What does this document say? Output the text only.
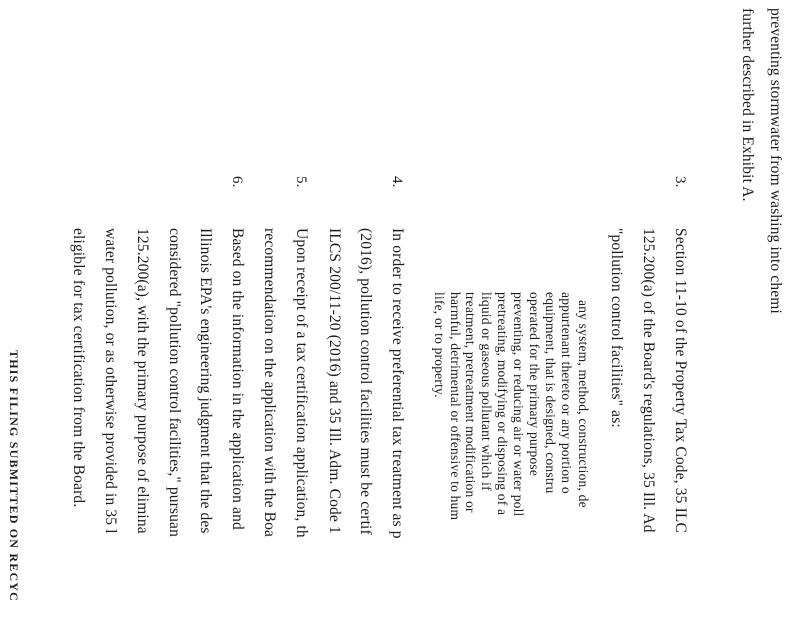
preventing stormwater from washing into chemi
further described in Exhibit A.
3.
Section 11-10 of the Property Tax Code, 35 ILC
125.200(a) of the Board's regulations, 35 Ill. Ad
"pollution control facilities" as:
any system, method, construction, de
appurtenant thereto or any portion o
equipment, that is designed, constru
operated for the primary purpose
preventing, or reducing air or water poll
pretreating, modifying or disposing of a
liquid or gaseous pollutant which if
treatment, pretreatment modification or
harmful, detrimental or offensive to hum
life, or to property.
4.
In order to receive preferential tax treatment as p
(2016), pollution control facilities must be certif
ILCS 200/11-20 (2016) and 35 Ill. Adm. Code 1
5.
Upon receipt of a tax certification application, th
recommendation on the application with the Boa
6.
Based on the information in the application and
Illinois EPA's engineering judgment that the des
considered "pollution control facilities," pursuan
125.200(a), with the primary purpose of elimina
water pollution, or as otherwise provided in 35 l
eligible for tax certification from the Board.
THIS FILING SUBMITTED ON RECYC
